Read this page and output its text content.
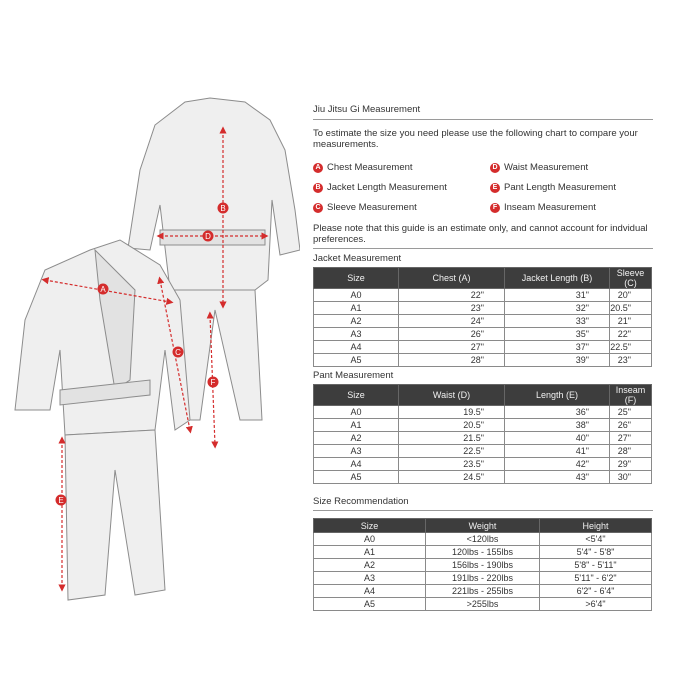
A
B
C
D
E
F

Jiu Jitsu Gi Measurement

To estimate the size you need please use the following chart to compare your measurements.
A Chest Measurement	D Waist Measurement
B Jacket Length Measurement	E Pant Length Measurement
C Sleeve Measurement	F Inseam Measurement
Please note that this guide is an estimate only, and cannot account for indvidual preferences.
Jacket Measurement
Size	Chest (A)	Jacket Length (B)	Sleeve (C)
A0	22"	31"	20"
A1	23"	32"	20.5"
A2	24"	33"	21"
A3	26"	35"	22"
A4	27"	37"	22.5"
A5	28"	39"	23"
Pant Measurement
Size	Waist (D)	Length (E)	Inseam (F)
A0	19.5"	36"	25"
A1	20.5"	38"	26"
A2	21.5"	40"	27"
A3	22.5"	41"	28"
A4	23.5"	42"	29"
A5	24.5"	43"	30"
Size Recommendation
Size	Weight	Height
A0	<120lbs	<5'4"
A1	120lbs - 155lbs	5'4" - 5'8"
A2	156lbs - 190lbs	5'8" - 5'11"
A3	191lbs - 220lbs	5'11" - 6'2"
A4	221lbs - 255lbs	6'2" - 6'4"
A5	>255lbs	>6'4"
